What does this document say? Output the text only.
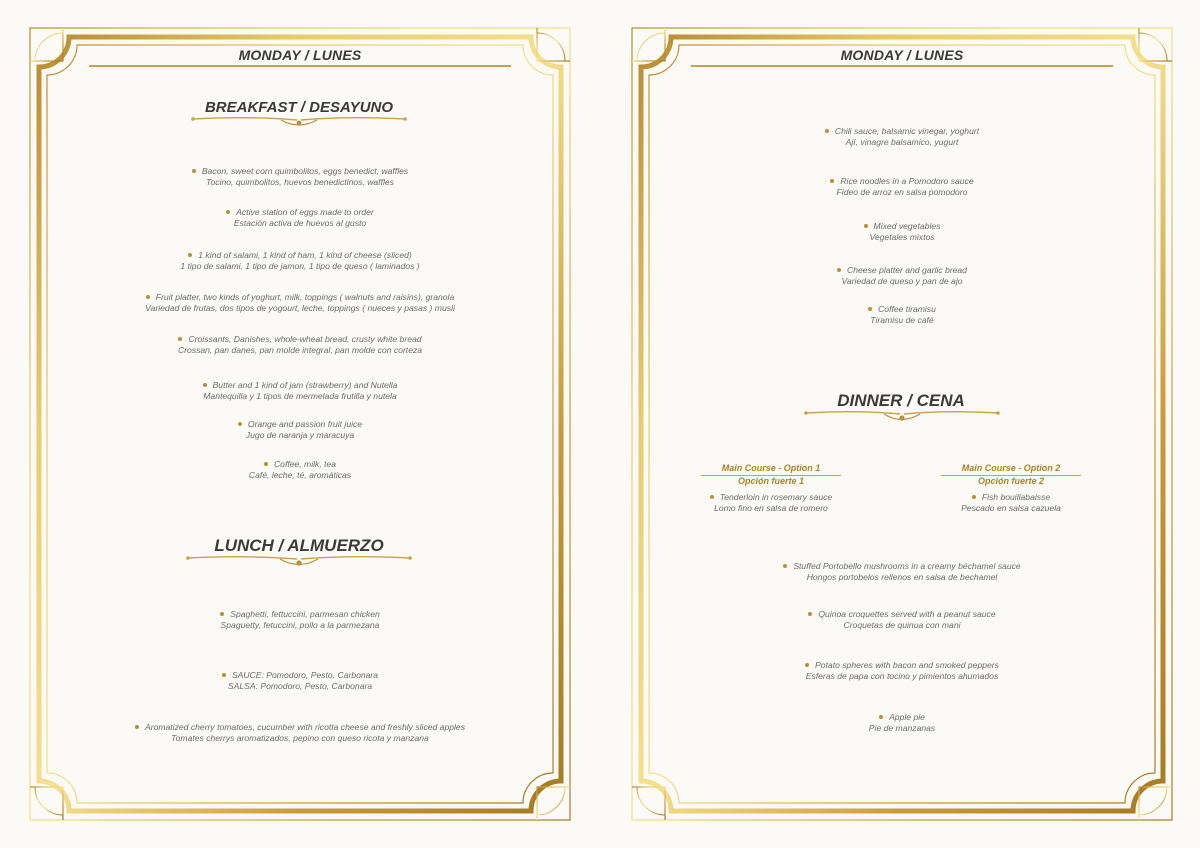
MONDAY / LUNES
BREAKFAST / DESAYUNO
Bacon, sweet corn quimbolitos, eggs benedict, waffles
Tocino, quimbolitos, huevos benedictinos, waffles
Active station of eggs made to order
Estación activa de huevos al gusto
1 kind of salami, 1 kind of ham, 1 kind of cheese (sliced)
1 tipo de salami, 1 tipo de jamon, 1 tipo de queso ( laminados )
Fruit platter, two kinds of yoghurt, milk, toppings ( walnuts and raisins), granola
Variedad de frutas, dos tipos de yogourt, leche, toppings ( nueces y pasas ) musli
Croissants, Danishes, whole-wheat bread, crusty white bread
Crossan, pan danes, pan molde integral, pan molde con corteza
Butter and 1 kind of jam (strawberry) and Nutella
Mantequilla y 1 tipos de mermelada frutilla y nutela
Orange and passion fruit juice
Jugo de naranja y maracuya
Coffee, milk, tea
Café, leche, té, aromáticas
LUNCH / ALMUERZO
Spaghetti, fettuccini, parmesan chicken
Spaguetty, fetuccini, pollo a la parmezana
SAUCE: Pomodoro, Pesto, Carbonara
SALSA: Pomodoro, Pesto, Carbonara
Aromatized cherry tomatoes, cucumber with ricotta cheese and freshly sliced apples
Tomates cherrys aromatizados, pepino con queso ricota y manzana
MONDAY / LUNES
Chili sauce, balsamic vinegar, yoghurt
Ají, vinagre balsamico, yugurt
Rice noodles in a Pomodoro sauce
Fideo de arroz en salsa pomodoro
Mixed vegetables
Vegetales mixtos
Cheese platter and garlic bread
Variedad de queso y pan de ajo
Coffee tiramisu
Tiramisu de café
DINNER / CENA
Main Course - Option 1
Opción fuerte 1
Main Course - Option 2
Opción fuerte 2
Tenderloin in rosemary sauce
Lomo fino en salsa de romero
Fish bouillabaisse
Pescado en salsa cazuela
Stuffed Portobello mushrooms in a creamy béchamel sauce
Hongos portobelos rellenos en salsa de bechamel
Quinoa croquettes served with a peanut sauce
Croquetas de quinua con mani
Potato spheres with bacon and smoked peppers
Esferas de papa con tocino y pimientos ahumados
Apple pie
Pie de manzanas
